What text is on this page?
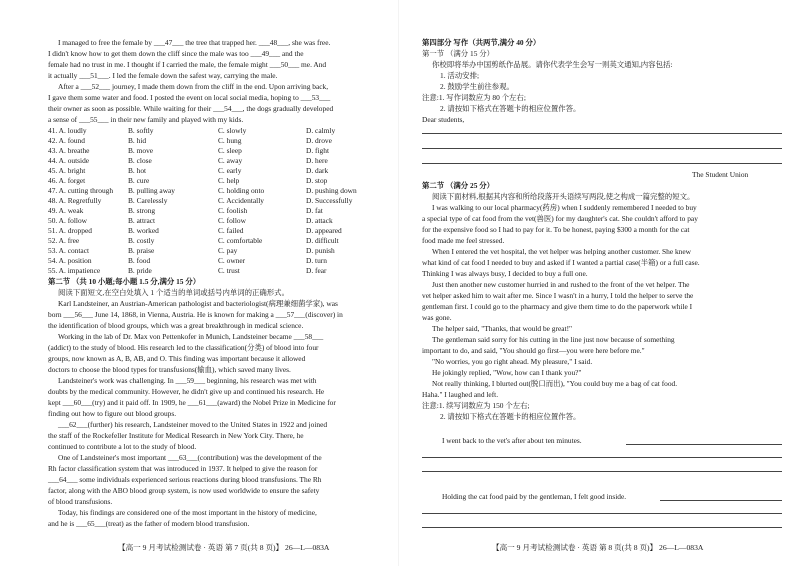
I managed to free the female by ___47___ the tree that trapped her. ___48___, she was free.
I didn't know how to get them down the cliff since the male was too ___49___ and the
female had no trust in me. I thought if I carried the male, the female might ___50___ me. And
it actually ___51___. I led the female down the safest way, carrying the male.
After a ___52___ journey, I made them down from the cliff in the end. Upon arriving back,
I gave them some water and food. I posted the event on local social media, hoping to ___53___
their owner as soon as possible. While waiting for their ___54___, the dogs gradually developed
a sense of ___55___ in their new family and played with my kids.
41. A. loudly	B. softly	C. slowly	D. calmly
42. A. found	B. hid	C. hung	D. drove
43. A. breathe	B. move	C. sleep	D. fight
44. A. outside	B. close	C. away	D. here
45. A. bright	B. hot	C. early	D. dark
46. A. forget	B. cure	C. help	D. stop
47. A. cutting through B. pulling away	C. holding onto	D. pushing down
48. A. Regretfully	B. Carelessly	C. Accidentally	D. Successfully
49. A. weak	B. strong	C. foolish	D. fat
50. A. follow	B. attract	C. follow	D. attack
51. A. dropped	B. worked	C. failed	D. appeared
52. A. free	B. costly	C. comfortable	D. difficult
53. A. contact	B. praise	C. pay	D. punish
54. A. position	B. food	C. owner	D. turn
55. A. impatience	B. pride	C. trust	D. fear
第二节 （共 10 小题;每小题 1.5 分,满分 15 分）
阅读下面短文,在空白处填入 1 个适当的单词或括号内单词的正确形式。
Karl Landsteiner, an Austrian-American pathologist and bacteriologist(病理兼细菌学家), was
born ___56___ June 14, 1868, in Vienna, Austria. He is known for making a ___57___(discover) in
the identification of blood groups, which was a great breakthrough in medical science.
Working in the lab of Dr. Max von Pettenkofer in Munich, Landsteiner became ___58___
(addict) to the study of blood. His research led to the classification(分类) of blood into four
groups, now known as A, B, AB, and O. This finding was important because it allowed
doctors to choose the blood types for transfusions(输血), which saved many lives.
Landsteiner's work was challenging. In ___59___ beginning, his research was met with
doubts by the medical community. However, he didn't give up and continued his research. He
kept ___60___(try) and it paid off. In 1909, he ___61___(award) the Nobel Prize in Medicine for
finding out how to figure out blood groups.
___62___(further) his research, Landsteiner moved to the United States in 1922 and joined
the staff of the Rockefeller Institute for Medical Research in New York City. There, he
continued to contribute a lot to the study of blood.
One of Landsteiner's most important ___63___(contribution) was the development of the
Rh factor classification system that was introduced in 1937. It helped to give the reason for
___64___ some individuals experienced serious reactions during blood transfusions. The Rh
factor, along with the ABO blood group system, is now used worldwide to ensure the safety
of blood transfusions.
Today, his findings are considered one of the most important in the history of medicine,
and he is ___65___(treat) as the father of modern blood transfusion.
【高一 9 月考试检测试卷 · 英语 第 7 页(共 8 页)】 26—L—083A
第四部分 写作（共两节,满分 40 分）
第一节 （满分 15 分）
你校即将举办中国剪纸作品展。请你代表学生会写一则英文通知,内容包括:
1. 活动安排;
2. 鼓励学生前往参观。
注意:1. 写作词数应为 80 个左右;
2. 请按如下格式在答题卡的相应位置作答。
Dear students,
The Student Union
第二节 （满分 25 分）
阅读下面材料,根据其内容和所给段落开头语续写两段,使之构成一篇完整的短文。
I was walking to our local pharmacy(药房) when I suddenly remembered I needed to buy
a special type of cat food from the vet(兽医) for my daughter's cat. She couldn't afford to pay
for the expensive food so I had to pay for it. To be honest, paying $300 a month for the cat
food made me feel stressed.
When I entered the vet hospital, the vet helper was helping another customer. She knew
what kind of cat food I needed to buy and asked if I wanted a partial case(半箱) or a full case.
Thinking I was always busy, I decided to buy a full one.
Just then another new customer hurried in and rushed to the front of the vet helper. The
vet helper asked him to wait after me. Since I wasn't in a hurry, I told the helper to serve the
gentleman first. I could go to the pharmacy and give them time to do the paperwork while I
was gone.
The helper said, "Thanks, that would be great!"
The gentleman said sorry for his cutting in the line just now because of something
important to do, and said, "You should go first—you were here before me."
"No worries, you go right ahead. My pleasure," I said.
He jokingly replied, "Wow, how can I thank you?"
Not really thinking, I blurted out(脱口而出), "You could buy me a bag of cat food.
Haha." I laughed and left.
注意:1. 续写词数应为 150 个左右;
2. 请按如下格式在答题卡的相应位置作答。
I went back to the vet's after about ten minutes.
Holding the cat food paid by the gentleman, I felt good inside.
【高一 9 月考试检测试卷 · 英语 第 8 页(共 8 页)】 26—L—083A
